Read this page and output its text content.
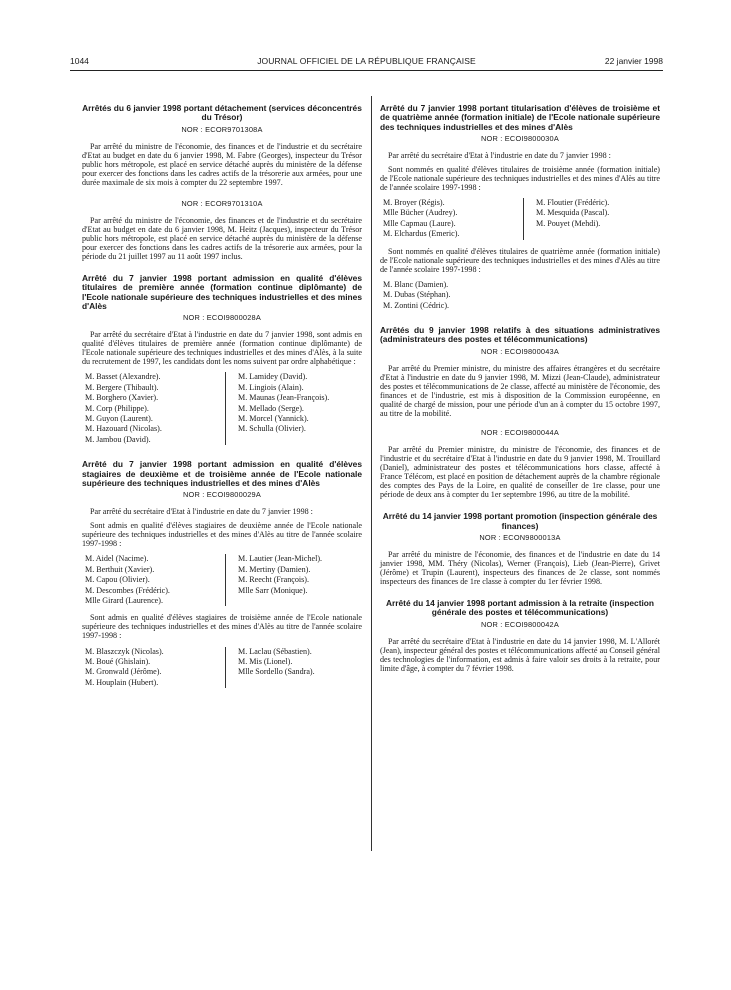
1044	JOURNAL OFFICIEL DE LA RÉPUBLIQUE FRANÇAISE	22 janvier 1998
Arrêtés du 6 janvier 1998 portant détachement (services déconcentrés du Trésor)
NOR : ECOR9701308A

Par arrêté du ministre de l'économie, des finances et de l'industrie et du secrétaire d'Etat au budget en date du 6 janvier 1998, M. Fabre (Georges), inspecteur du Trésor public hors métropole, est placé en service détaché auprès du ministère de la défense pour exercer des fonctions dans les cadres actifs de la trésorerie aux armées, pour une durée maximale de six mois à compter du 22 septembre 1997.

NOR : ECOR9701310A

Par arrêté du ministre de l'économie, des finances et de l'industrie et du secrétaire d'Etat au budget en date du 6 janvier 1998, M. Heitz (Jacques), inspecteur du Trésor public hors métropole, est placé en service détaché auprès du ministère de la défense pour exercer des fonctions dans les cadres actifs de la trésorerie aux armées, pour la période du 21 juillet 1997 au 11 août 1997 inclus.

Arrêté du 7 janvier 1998 portant admission en qualité d'élèves titulaires de première année (formation continue diplômante) de l'Ecole nationale supérieure des techniques industrielles et des mines d'Alès
NOR : ECOI9800028A

Par arrêté du secrétaire d'Etat à l'industrie en date du 7 janvier 1998, sont admis en qualité d'élèves titulaires de première année (formation continue diplômante) de l'Ecole nationale supérieure des techniques industrielles et des mines d'Alès, à la suite du recrutement de 1997, les candidats dont les noms suivent par ordre alphabétique :

M. Basset (Alexandre).
M. Bergere (Thibault).
M. Borghero (Xavier).
M. Corp (Philippe).
M. Guyon (Laurent).
M. Hazouard (Nicolas).
M. Jambou (David).
M. Lamidey (David).
M. Lingiois (Alain).
M. Maunas (Jean-François).
M. Mellado (Serge).
M. Morcel (Yannick).
M. Schulla (Olivier).
Arrêté du 7 janvier 1998 portant admission en qualité d'élèves stagiaires de deuxième et de troisième année de l'Ecole nationale supérieure des techniques industrielles et des mines d'Alès
NOR : ECOI9800029A

Par arrêté du secrétaire d'Etat à l'industrie en date du 7 janvier 1998 :

Sont admis en qualité d'élèves stagiaires de deuxième année de l'Ecole nationale supérieure des techniques industrielles et des mines d'Alès au titre de l'année scolaire 1997-1998 :

M. Aidel (Nacime).
M. Berthuit (Xavier).
M. Capou (Olivier).
M. Descombes (Frédéric).
Mlle Girard (Laurence).
M. Lautier (Jean-Michel).
M. Mertiny (Damien).
M. Reecht (François).
Mlle Sarr (Monique).

Sont admis en qualité d'élèves stagiaires de troisième année de l'Ecole nationale supérieure des techniques industrielles et des mines d'Alès au titre de l'année scolaire 1997-1998 :

M. Blaszczyk (Nicolas).
M. Boué (Ghislain).
M. Gronwald (Jérôme).
M. Houplain (Hubert).
M. Laclau (Sébastien).
M. Mis (Lionel).
Mlle Sordello (Sandra).
Arrêté du 7 janvier 1998 portant titularisation d'élèves de troisième et de quatrième année (formation initiale) de l'Ecole nationale supérieure des techniques industrielles et des mines d'Alès
NOR : ECOI9800030A

Par arrêté du secrétaire d'Etat à l'industrie en date du 7 janvier 1998 :

Sont nommés en qualité d'élèves titulaires de troisième année (formation initiale) de l'Ecole nationale supérieure des techniques industrielles et des mines d'Alès au titre de l'année scolaire 1997-1998 :

M. Broyer (Régis).
Mlle Bücher (Audrey).
Mlle Capmau (Laure).
M. Elchardus (Emeric).
M. Floutier (Frédéric).
M. Mesquida (Pascal).
M. Pouyet (Mehdi).

Sont nommés en qualité d'élèves titulaires de quatrième année (formation initiale) de l'Ecole nationale supérieure des techniques industrielles et des mines d'Alès au titre de l'année scolaire 1997-1998 :

M. Blanc (Damien).
M. Dubas (Stéphan).
M. Zontini (Cédric).
Arrêtés du 9 janvier 1998 relatifs à des situations administratives (administrateurs des postes et télécommunications)
NOR : ECOI9800043A

Par arrêté du Premier ministre, du ministre des affaires étrangères et du secrétaire d'Etat à l'industrie en date du 9 janvier 1998, M. Mizzi (Jean-Claude), administrateur des postes et télécommunications de 2e classe, affecté au ministère de l'économie, des finances et de l'industrie, est mis à disposition de la Commission européenne, en qualité de chargé de mission, pour une période d'un an à compter du 15 octobre 1997, au titre de la mobilité.

NOR : ECOI9800044A

Par arrêté du Premier ministre, du ministre de l'économie, des finances et de l'industrie et du secrétaire d'Etat à l'industrie en date du 9 janvier 1998, M. Trouillard (Daniel), administrateur des postes et télécommunications hors classe, affecté à France Télécom, est placé en position de détachement auprès de la chambre régionale des comptes des Pays de la Loire, en qualité de conseiller de 1re classe, pour une période de deux ans à compter du 1er septembre 1996, au titre de la mobilité.

Arrêté du 14 janvier 1998 portant promotion (inspection générale des finances)
NOR : ECON9800013A

Par arrêté du ministre de l'économie, des finances et de l'industrie en date du 14 janvier 1998, MM. Théry (Nicolas), Werner (François), Lieb (Jean-Pierre), Grivet (Jérôme) et Trupin (Laurent), inspecteurs des finances de 2e classe, sont nommés inspecteurs des finances de 1re classe à compter du 1er février 1998.

Arrêté du 14 janvier 1998 portant admission à la retraite (inspection générale des postes et télécommunications)
NOR : ECOI9800042A

Par arrêté du secrétaire d'Etat à l'industrie en date du 14 janvier 1998, M. L'Allorét (Jean), inspecteur général des postes et télécommunications affecté au Conseil général des technologies de l'information, est admis à faire valoir ses droits à la retraite, pour limite d'âge, à compter du 7 février 1998.
